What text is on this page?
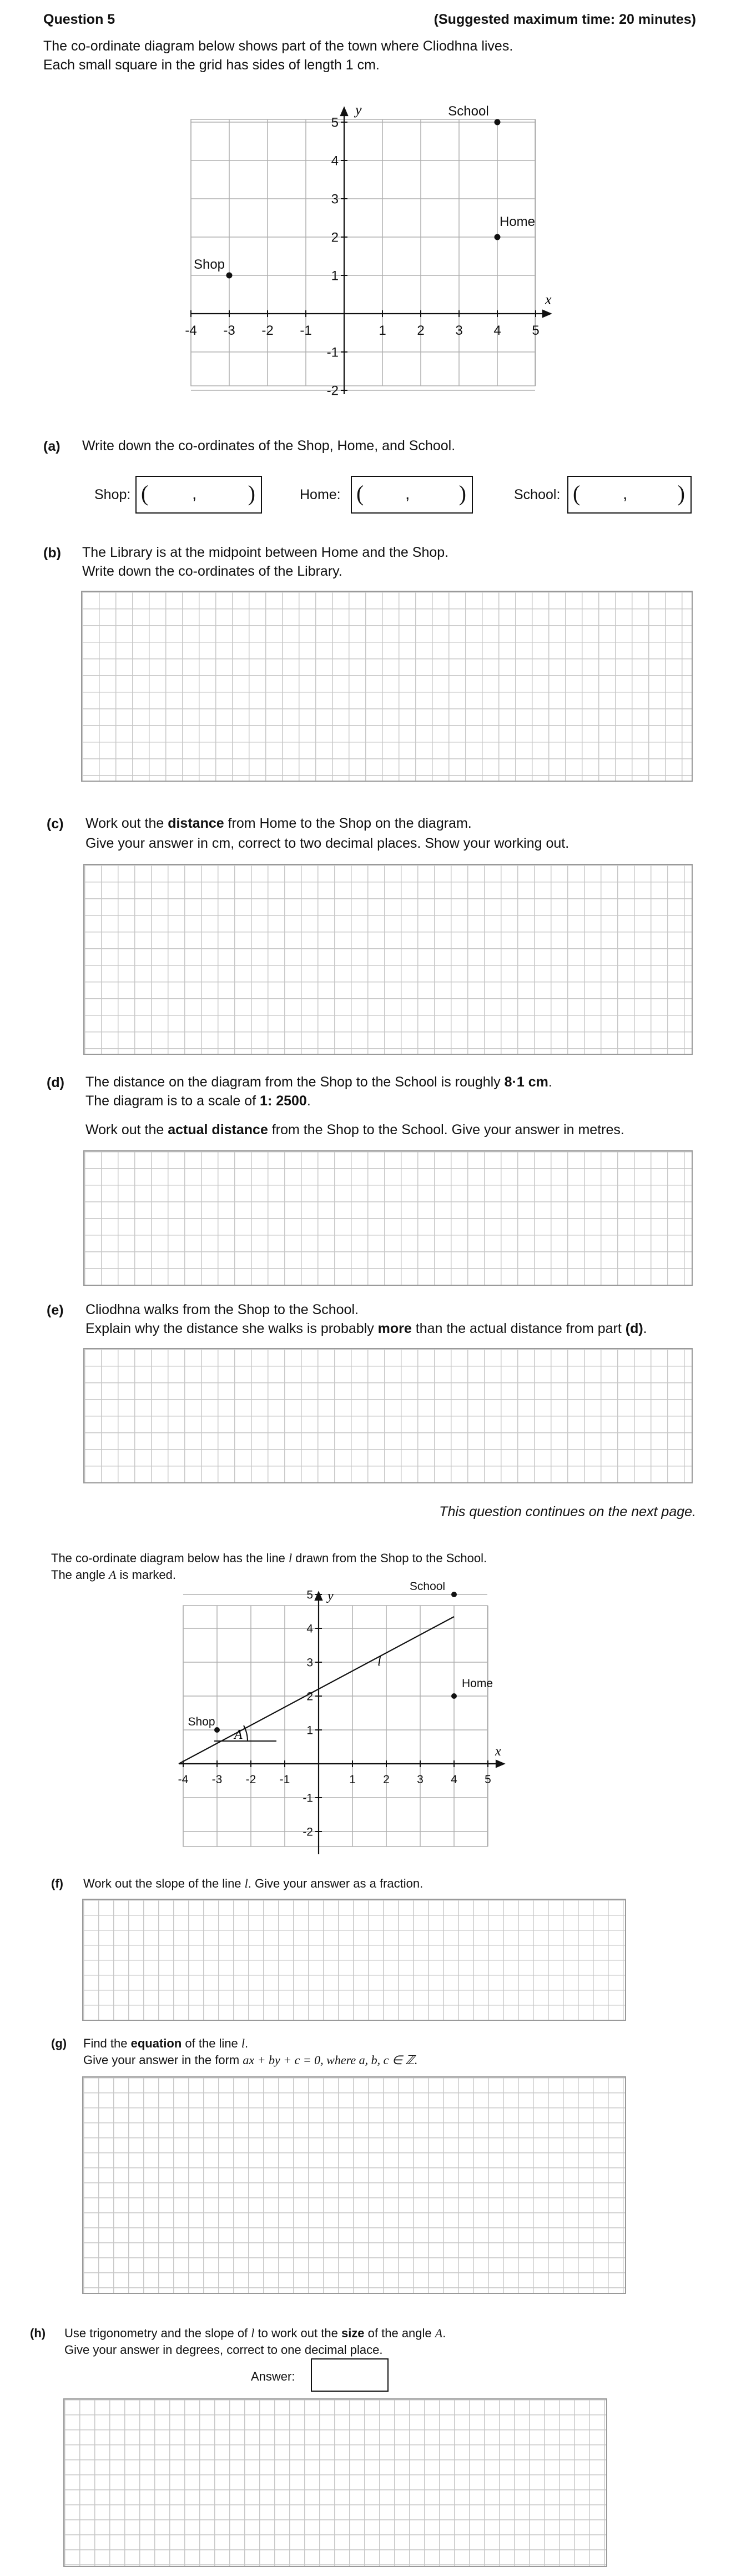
Question 5	(Suggested maximum time: 20 minutes)
The co-ordinate diagram below shows part of the town where Cliodhna lives.
Each small square in the grid has sides of length 1 cm.
x
y
-4 -3 -2 -1	1 2 3 4 5
5
4
3
2
1
-1
-2
School
Home
Shop
(a) Write down the co-ordinates of the Shop, Home, and School.
Shop: (	, )	Home: ( , )	School: (	, )
(b) The Library is at the midpoint between Home and the Shop.
Write down the co-ordinates of the Library.
(c) Work out the distance from Home to the Shop on the diagram.
Give your answer in cm, correct to two decimal places. Show your working out.
(d) The distance on the diagram from the Shop to the School is roughly 8·1 cm.
The diagram is to a scale of 1: 2500.
Work out the actual distance from the Shop to the School. Give your answer in metres.
(e) Cliodhna walks from the Shop to the School.
Explain why the distance she walks is probably more than the actual distance from part (d).
This question continues on the next page.
The co-ordinate diagram below has the line l drawn from the Shop to the School.
The angle A is marked.
x
y
A
l
-4 -3 -2 -1	1 2 3 4 5
5
4
3
2
1
-1
-2
School
Home
Shop
(f) Work out the slope of the line l. Give your answer as a fraction.
(g) Find the equation of the line l.
Give your answer in the form ax + by + c = 0, where a, b, c ∈ ℤ.
(h) Use trigonometry and the slope of l to work out the size of the angle A.
Give your answer in degrees, correct to one decimal place.
Answer:
